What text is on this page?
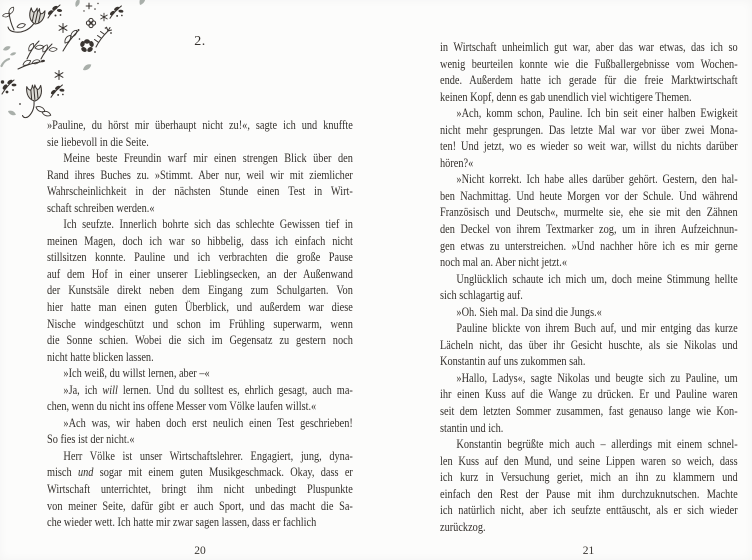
2.
»Pauline, du hörst mir überhaupt nicht zu!«, sagte ich und knuffte
sie liebevoll in die Seite.
Meine beste Freundin warf mir einen strengen Blick über den
Rand ihres Buches zu. »Stimmt. Aber nur, weil wir mit ziemlicher
Wahrscheinlichkeit in der nächsten Stunde einen Test in Wirt-
schaft schreiben werden.«
Ich seufzte. Innerlich bohrte sich das schlechte Gewissen tief in
meinen Magen, doch ich war so hibbelig, dass ich einfach nicht
stillsitzen konnte. Pauline und ich verbrachten die große Pause
auf dem Hof in einer unserer Lieblingsecken, an der Außenwand
der Kunstsäle direkt neben dem Eingang zum Schulgarten. Von
hier hatte man einen guten Überblick, und außerdem war diese
Nische windgeschützt und schon im Frühling superwarm, wenn
die Sonne schien. Wobei die sich im Gegensatz zu gestern noch
nicht hatte blicken lassen.
»Ich weiß, du willst lernen, aber –«
»Ja, ich will lernen. Und du solltest es, ehrlich gesagt, auch ma-
chen, wenn du nicht ins offene Messer vom Völke laufen willst.«
»Ach was, wir haben doch erst neulich einen Test geschrieben!
So fies ist der nicht.«
Herr Völke ist unser Wirtschaftslehrer. Engagiert, jung, dyna-
misch und sogar mit einem guten Musikgeschmack. Okay, dass er
Wirtschaft unterrichtet, bringt ihm nicht unbedingt Pluspunkte
von meiner Seite, dafür gibt er auch Sport, und das macht die Sa-
che wieder wett. Ich hatte mir zwar sagen lassen, dass er fachlich
20
in Wirtschaft unheimlich gut war, aber das war etwas, das ich so
wenig beurteilen konnte wie die Fußballergebnisse vom Wochen-
ende. Außerdem hatte ich gerade für die freie Marktwirtschaft
keinen Kopf, denn es gab unendlich viel wichtigere Themen.
»Ach, komm schon, Pauline. Ich bin seit einer halben Ewigkeit
nicht mehr gesprungen. Das letzte Mal war vor über zwei Mona-
ten! Und jetzt, wo es wieder so weit war, willst du nichts darüber
hören?«
»Nicht korrekt. Ich habe alles darüber gehört. Gestern, den hal-
ben Nachmittag. Und heute Morgen vor der Schule. Und während
Französisch und Deutsch«, murmelte sie, ehe sie mit den Zähnen
den Deckel von ihrem Textmarker zog, um in ihren Aufzeichnun-
gen etwas zu unterstreichen. »Und nachher höre ich es mir gerne
noch mal an. Aber nicht jetzt.«
Unglücklich schaute ich mich um, doch meine Stimmung hellte
sich schlagartig auf.
»Oh. Sieh mal. Da sind die Jungs.«
Pauline blickte von ihrem Buch auf, und mir entging das kurze
Lächeln nicht, das über ihr Gesicht huschte, als sie Nikolas und
Konstantin auf uns zukommen sah.
»Hallo, Ladys«, sagte Nikolas und beugte sich zu Pauline, um
ihr einen Kuss auf die Wange zu drücken. Er und Pauline waren
seit dem letzten Sommer zusammen, fast genauso lange wie Kon-
stantin und ich.
Konstantin begrüßte mich auch – allerdings mit einem schnel-
len Kuss auf den Mund, und seine Lippen waren so weich, dass
ich kurz in Versuchung geriet, mich an ihn zu klammern und
einfach den Rest der Pause mit ihm durchzuknutschen. Machte
ich natürlich nicht, aber ich seufzte enttäuscht, als er sich wieder
zurückzog.
21
